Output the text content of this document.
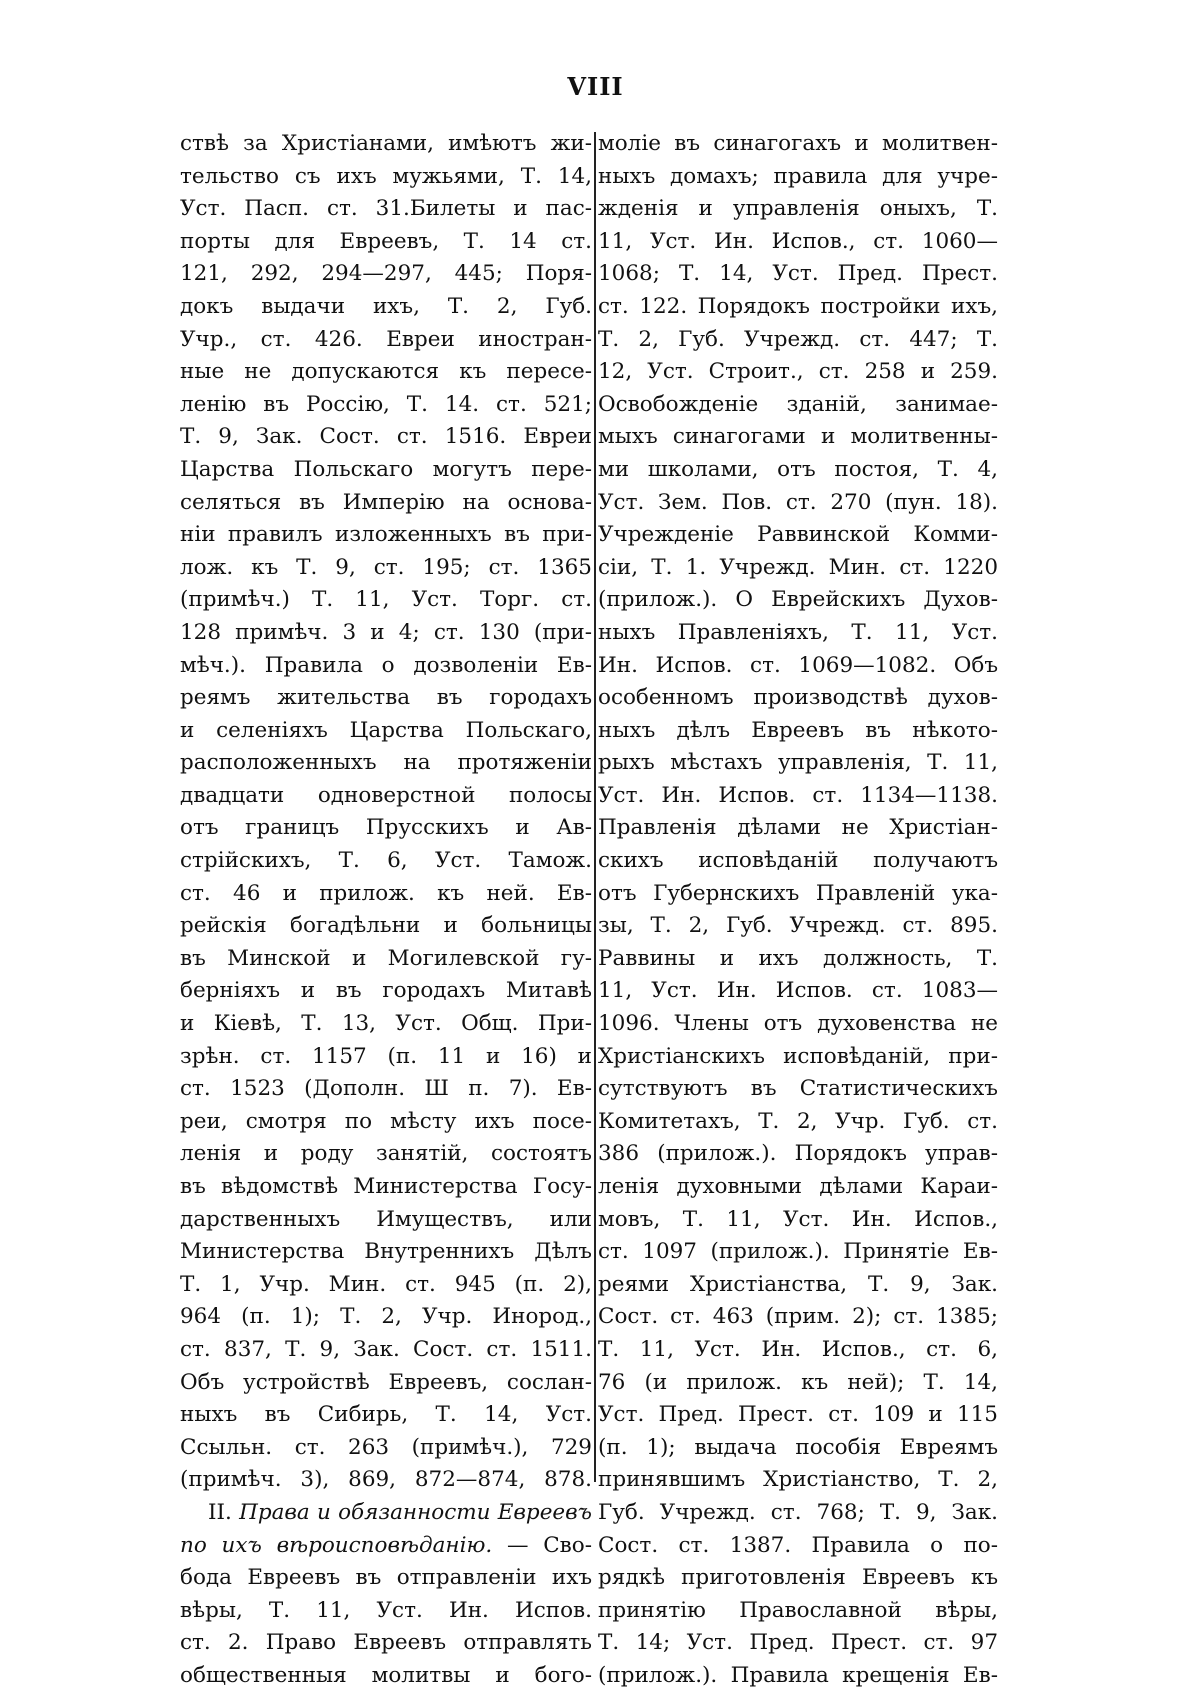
VIII
ствѣ за Христіанами, имѣютъ жи-
тельство съ ихъ мужьями, Т. 14,
Уст. Пасп. ст. 31.Билеты и пас-
порты для Евреевъ, Т. 14 ст.
121, 292, 294—297, 445; Поря-
докъ выдачи ихъ, Т. 2, Губ.
Учр., ст. 426. Евреи иностран-
ные не допускаются къ пересе-
ленію въ Россію, Т. 14. ст. 521;
Т. 9, Зак. Сост. ст. 1516. Евреи
Царства Польскаго могутъ пере-
селяться въ Имперію на основа-
ніи правилъ изложенныхъ въ при-
лож. къ Т. 9, ст. 195; ст. 1365
(примѣч.) Т. 11, Уст. Торг. ст.
128 примѣч. 3 и 4; ст. 130 (при-
мѣч.). Правила о дозволеніи Ев-
реямъ жительства въ городахъ
и селеніяхъ Царства Польскаго,
расположенныхъ на протяженіи
двадцати одноверстной полосы
отъ границъ Прусскихъ и Ав-
стрійскихъ, Т. 6, Уст. Тамож.
ст. 46 и прилож. къ ней. Ев-
рейскія богадѣльни и больницы
въ Минской и Могилевской гу-
берніяхъ и въ городахъ Митавѣ
и Кіевѣ, Т. 13, Уст. Общ. При-
зрѣн. ст. 1157 (п. 11 и 16) и
ст. 1523 (Дополн. Ш п. 7). Ев-
реи, смотря по мѣсту ихъ посе-
ленія и роду занятій, состоятъ
въ вѣдомствѣ Министерства Госу-
дарственныхъ Имуществъ, или
Министерства Внутреннихъ Дѣлъ
Т. 1, Учр. Мин. ст. 945 (п. 2),
964 (п. 1); Т. 2, Учр. Инород.,
ст. 837, Т. 9, Зак. Сост. ст. 1511.
Объ устройствѣ Евреевъ, сослан-
ныхъ въ Сибирь, Т. 14, Уст.
Ссыльн. ст. 263 (примѣч.), 729
(примѣч. 3), 869, 872—874, 878.
II. Права и обязанности Евреевъ
по ихъ вѣроисповѣданію. — Сво-
бода Евреевъ въ отправленіи ихъ
вѣры, Т. 11, Уст. Ин. Испов.
ст. 2. Право Евреевъ отправлять
общественныя молитвы и бого-
моліе въ синагогахъ и молитвен-
ныхъ домахъ; правила для учре-
жденія и управленія оныхъ, Т.
11, Уст. Ин. Испов., ст. 1060—
1068; Т. 14, Уст. Пред. Прест.
ст. 122. Порядокъ постройки ихъ,
Т. 2, Губ. Учрежд. ст. 447; Т.
12, Уст. Строит., ст. 258 и 259.
Освобожденіе зданій, занимае-
мыхъ синагогами и молитвенны-
ми школами, отъ постоя, Т. 4,
Уст. Зем. Пов. ст. 270 (пун. 18).
Учрежденіе Раввинской Комми-
сіи, Т. 1. Учрежд. Мин. ст. 1220
(прилож.). О Еврейскихъ Духов-
ныхъ Правленіяхъ, Т. 11, Уст.
Ин. Испов. ст. 1069—1082. Объ
особенномъ производствѣ духов-
ныхъ дѣлъ Евреевъ въ нѣкото-
рыхъ мѣстахъ управленія, Т. 11,
Уст. Ин. Испов. ст. 1134—1138.
Правленія дѣлами не Христіан-
скихъ исповѣданій получаютъ
отъ Губернскихъ Правленій ука-
зы, Т. 2, Губ. Учрежд. ст. 895.
Раввины и ихъ должность, Т.
11, Уст. Ин. Испов. ст. 1083—
1096. Члены отъ духовенства не
Христіанскихъ исповѣданій, при-
сутствуютъ въ Статистическихъ
Комитетахъ, Т. 2, Учр. Губ. ст.
386 (прилож.). Порядокъ управ-
ленія духовными дѣлами Караи-
мовъ, Т. 11, Уст. Ин. Испов.,
ст. 1097 (прилож.). Принятіе Ев-
реями Христіанства, Т. 9, Зак.
Сост. ст. 463 (прим. 2); ст. 1385;
Т. 11, Уст. Ин. Испов., ст. 6,
76 (и прилож. къ ней); Т. 14,
Уст. Пред. Прест. ст. 109 и 115
(п. 1); выдача пособія Евреямъ
принявшимъ Христіанство, Т. 2,
Губ. Учрежд. ст. 768; Т. 9, Зак.
Сост. ст. 1387. Правила о по-
рядкѣ приготовленія Евреевъ къ
принятію Православной вѣры,
Т. 14; Уст. Пред. Прест. ст. 97
(прилож.). Правила крещенія Ев-
